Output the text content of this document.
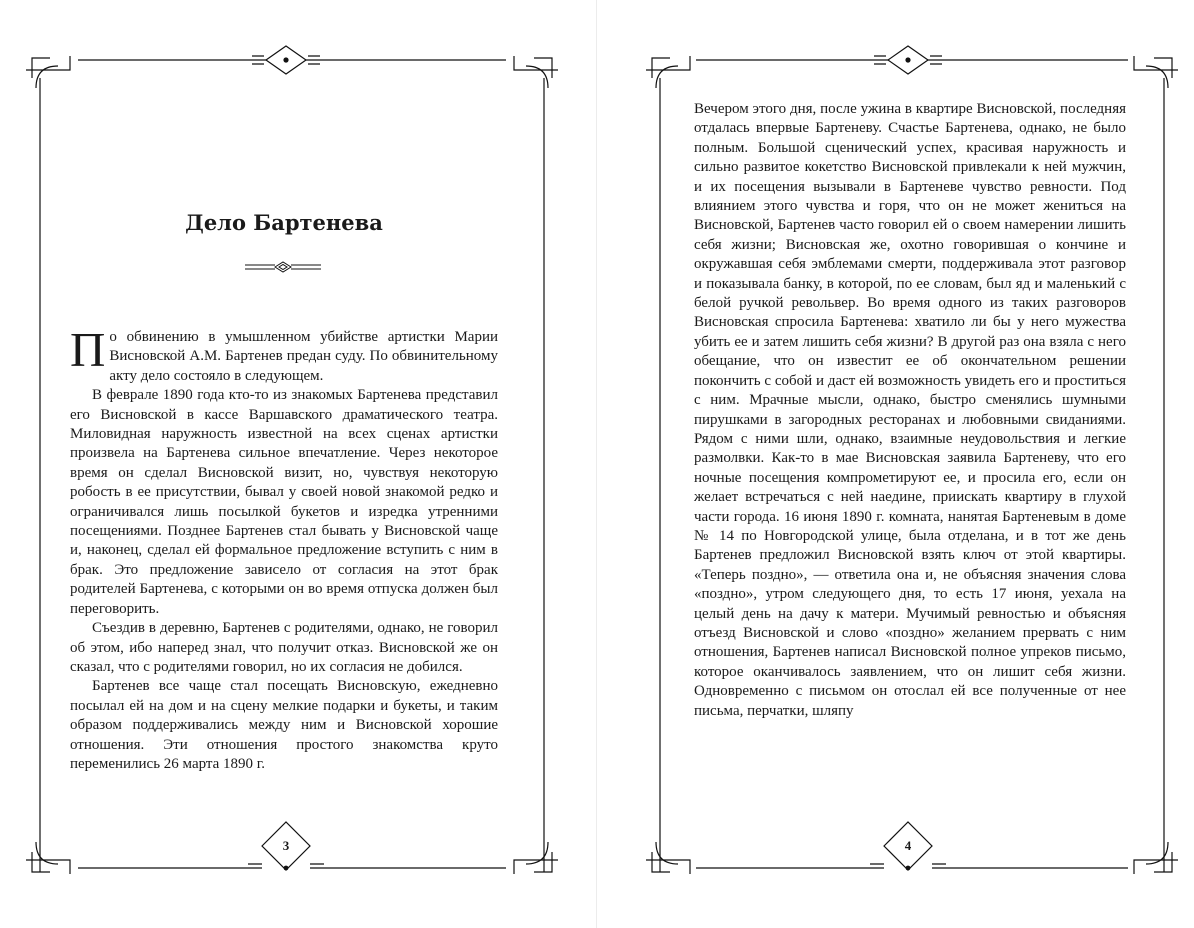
3
Дело Бартенева

По обвинению в умышленном убийстве артистки Марии Висновской А.М. Бартенев предан суду. По обвинительному акту дело состояло в следующем.

В феврале 1890 года кто-то из знакомых Бартенева представил его Висновской в кассе Варшавского драматического театра. Миловидная наружность известной на всех сценах артистки произвела на Бартенева сильное впечатление. Через некоторое время он сделал Висновской визит, но, чувствуя некоторую робость в ее присутствии, бывал у своей новой знакомой редко и ограничивался лишь посылкой букетов и изредка утренними посещениями. Позднее Бартенев стал бывать у Висновской чаще и, наконец, сделал ей формальное предложение вступить с ним в брак. Это предложение зависело от согласия на этот брак родителей Бартенева, с которыми он во время отпуска должен был переговорить.

Съездив в деревню, Бартенев с родителями, однако, не говорил об этом, ибо наперед знал, что получит отказ. Висновской же он сказал, что с родителями говорил, но их согласия не добился.

Бартенев все чаще стал посещать Висновскую, ежедневно посылал ей на дом и на сцену мелкие подарки и букеты, и таким образом поддерживались между ним и Висновской хорошие отношения. Эти отношения простого знакомства круто переменились 26 марта 1890 г.

4

Вечером этого дня, после ужина в квартире Висновской, последняя отдалась впервые Бартеневу. Счастье Бартенева, однако, не было полным. Большой сценический успех, красивая наружность и сильно развитое кокетство Висновской привлекали к ней мужчин, и их посещения вызывали в Бартеневе чувство ревности. Под влиянием этого чувства и горя, что он не может жениться на Висновской, Бартенев часто говорил ей о своем намерении лишить себя жизни; Висновская же, охотно говорившая о кончине и окружавшая себя эмблемами смерти, поддерживала этот разговор и показывала банку, в которой, по ее словам, был яд и маленький с белой ручкой револьвер. Во время одного из таких разговоров Висновская спросила Бартенева: хватило ли бы у него мужества убить ее и затем лишить себя жизни? В другой раз она взяла с него обещание, что он известит ее об окончательном решении покончить с собой и даст ей возможность увидеть его и проститься с ним. Мрачные мысли, однако, быстро сменялись шумными пирушками в загородных ресторанах и любовными свиданиями. Рядом с ними шли, однако, взаимные неудовольствия и легкие размолвки. Как-то в мае Висновская заявила Бартеневу, что его ночные посещения компрометируют ее, и просила его, если он желает встречаться с ней наедине, приискать квартиру в глухой части города. 16 июня 1890 г. комната, нанятая Бартеневым в доме № 14 по Новгородской улице, была отделана, и в тот же день Бартенев предложил Висновской взять ключ от этой квартиры. «Теперь поздно», — ответила она и, не объясняя значения слова «поздно», утром следующего дня, то есть 17 июня, уехала на целый день на дачу к матери. Мучимый ревностью и объясняя отъезд Висновской и слово «поздно» желанием прервать с ним отношения, Бартенев написал Висновской полное упреков письмо, которое оканчивалось заявлением, что он лишит себя жизни. Одновременно с письмом он отослал ей все полученные от нее письма, перчатки, шляпу
